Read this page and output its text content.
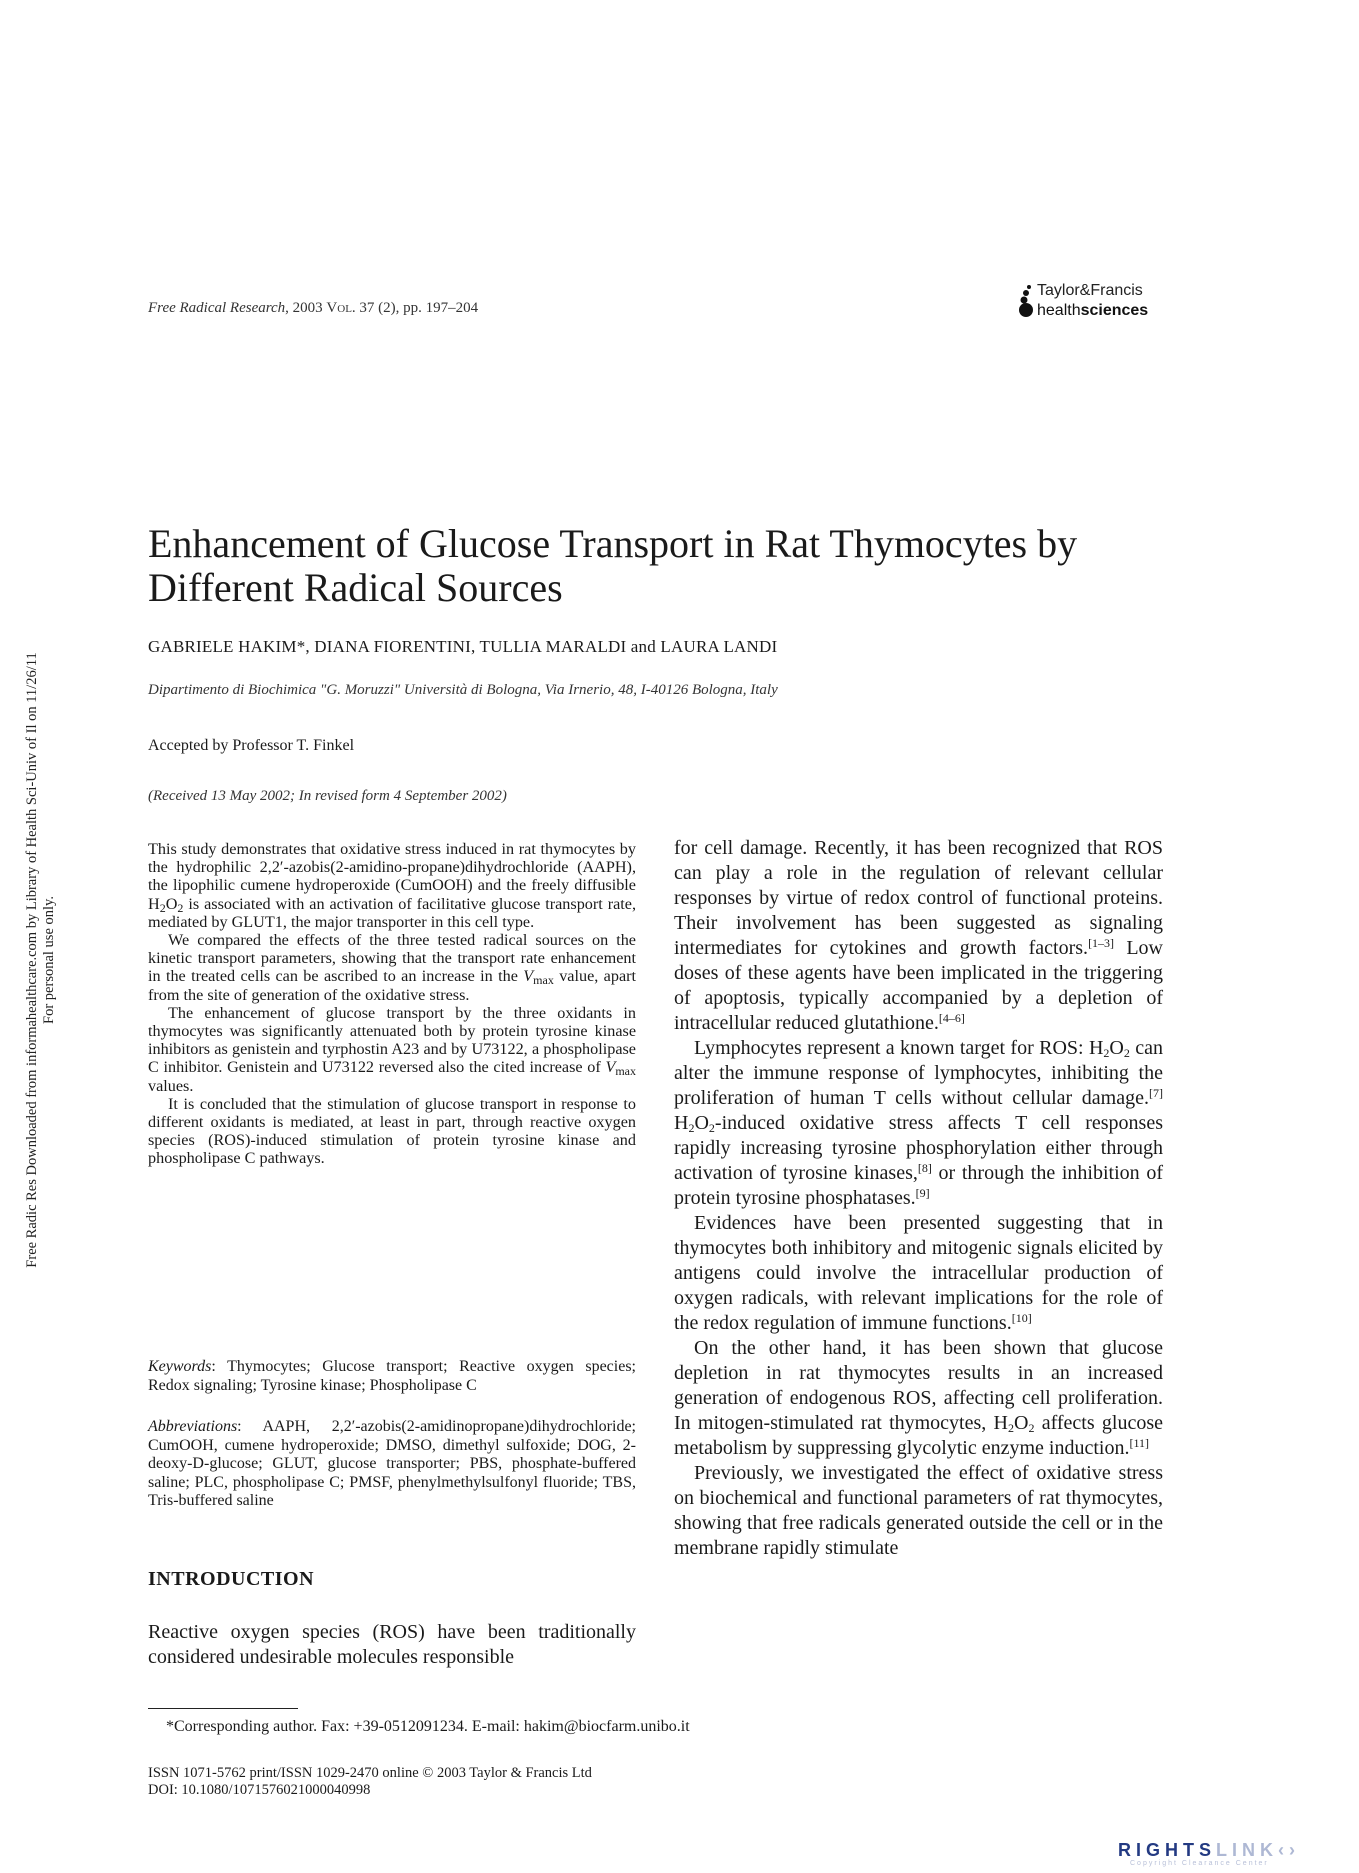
Free Radic Res Downloaded from informahealthcare.com by Library of Health Sci-Univ of Il on 11/26/11 For personal use only.
Free Radical Research, 2003 Vol. 37 (2), pp. 197–204
Taylor&Francis
healthsciences
Enhancement of Glucose Transport in Rat Thymocytes by Different Radical Sources
GABRIELE HAKIM*, DIANA FIORENTINI, TULLIA MARALDI and LAURA LANDI
Dipartimento di Biochimica "G. Moruzzi" Università di Bologna, Via Irnerio, 48, I-40126 Bologna, Italy
Accepted by Professor T. Finkel
(Received 13 May 2002; In revised form 4 September 2002)

This study demonstrates that oxidative stress induced in rat thymocytes by the hydrophilic 2,2′-azobis(2-amidino-propane)dihydrochloride (AAPH), the lipophilic cumene hydroperoxide (CumOOH) and the freely diffusible $H_2O_2$ is associated with an activation of facilitative glucose transport rate, mediated by GLUT1, the major transporter in this cell type.

We compared the effects of the three tested radical sources on the kinetic transport parameters, showing that the transport rate enhancement in the treated cells can be ascribed to an increase in the $V_{max}$ value, apart from the site of generation of the oxidative stress.

The enhancement of glucose transport by the three oxidants in thymocytes was significantly attenuated both by protein tyrosine kinase inhibitors as genistein and tyrphostin A23 and by U73122, a phospholipase C inhibitor. Genistein and U73122 reversed also the cited increase of $V_{max}$ values.

It is concluded that the stimulation of glucose transport in response to different oxidants is mediated, at least in part, through reactive oxygen species (ROS)-induced stimulation of protein tyrosine kinase and phospholipase C pathways.

Keywords: Thymocytes; Glucose transport; Reactive oxygen species; Redox signaling; Tyrosine kinase; Phospholipase C
Abbreviations: AAPH, 2,2′-azobis(2-amidinopropane)dihydrochloride; CumOOH, cumene hydroperoxide; DMSO, dimethyl sulfoxide; DOG, 2-deoxy-D-glucose; GLUT, glucose transporter; PBS, phosphate-buffered saline; PLC, phospholipase C; PMSF, phenylmethylsulfonyl fluoride; TBS, Tris-buffered saline
INTRODUCTION
Reactive oxygen species (ROS) have been traditionally considered undesirable molecules responsible

for cell damage. Recently, it has been recognized that ROS can play a role in the regulation of relevant cellular responses by virtue of redox control of functional proteins. Their involvement has been suggested as signaling intermediates for cytokines and growth factors.[1–3] Low doses of these agents have been implicated in the triggering of apoptosis, typically accompanied by a depletion of intracellular reduced glutathione.[4–6]

Lymphocytes represent a known target for ROS: $H_2O_2$ can alter the immune response of lymphocytes, inhibiting the proliferation of human T cells without cellular damage.[7] $H_2O_2$-induced oxidative stress affects T cell responses rapidly increasing tyrosine phosphorylation either through activation of tyrosine kinases,[8] or through the inhibition of protein tyrosine phosphatases.[9]

Evidences have been presented suggesting that in thymocytes both inhibitory and mitogenic signals elicited by antigens could involve the intracellular production of oxygen radicals, with relevant implications for the role of the redox regulation of immune functions.[10]

On the other hand, it has been shown that glucose depletion in rat thymocytes results in an increased generation of endogenous ROS, affecting cell proliferation. In mitogen-stimulated rat thymocytes, $H_2O_2$ affects glucose metabolism by suppressing glycolytic enzyme induction.[11]

Previously, we investigated the effect of oxidative stress on biochemical and functional parameters of rat thymocytes, showing that free radicals generated outside the cell or in the membrane rapidly stimulate

*Corresponding author. Fax: +39-0512091234. E-mail: hakim@biocfarm.unibo.it
ISSN 1071-5762 print/ISSN 1029-2470 online © 2003 Taylor & Francis Ltd
DOI: 10.1080/1071576021000040998
RIGHTSLINK‹›
Copyright Clearance Center
